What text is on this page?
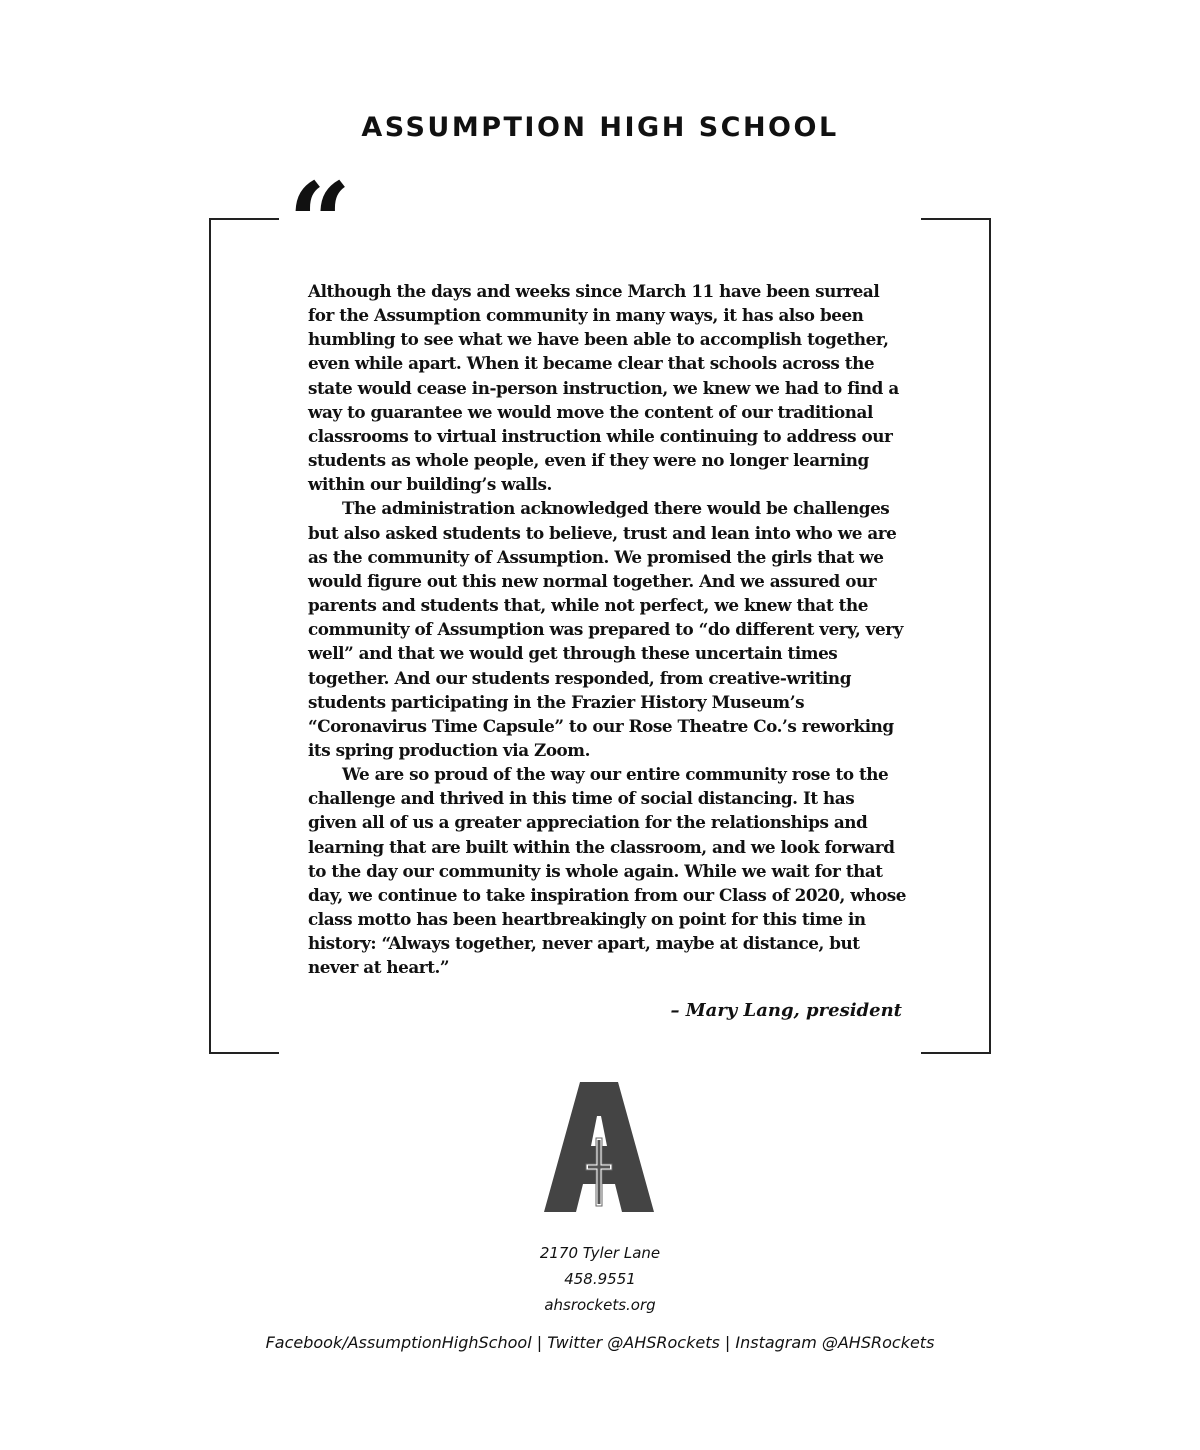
ASSUMPTION HIGH SCHOOL
“

Although the days and weeks since March 11 have been surreal for the Assumption community in many ways, it has also been humbling to see what we have been able to accomplish together, even while apart. When it became clear that schools across the state would cease in-person instruction, we knew we had to find a way to guarantee we would move the content of our traditional classrooms to virtual instruction while continuing to address our students as whole people, even if they were no longer learning within our building’s walls.

The administration acknowledged there would be challenges but also asked students to believe, trust and lean into who we are as the community of Assumption. We promised the girls that we would figure out this new normal together. And we assured our parents and students that, while not perfect, we knew that the community of Assumption was prepared to “do different very, very well” and that we would get through these uncertain times together. And our students responded, from creative-writing students participating in the Frazier History Museum’s “Coronavirus Time Capsule” to our Rose Theatre Co.’s reworking its spring production via Zoom.

We are so proud of the way our entire community rose to the challenge and thrived in this time of social distancing. It has given all of us a greater appreciation for the relationships and learning that are built within the classroom, and we look forward to the day our community is whole again. While we wait for that day, we continue to take inspiration from our Class of 2020, whose class motto has been heartbreakingly on point for this time in history: “Always together, never apart, maybe at distance, but never at heart.”

– Mary Lang, president
2170 Tyler Lane
458.9551
ahsrockets.org
Facebook/AssumptionHighSchool | Twitter @AHSRockets | Instagram @AHSRockets
